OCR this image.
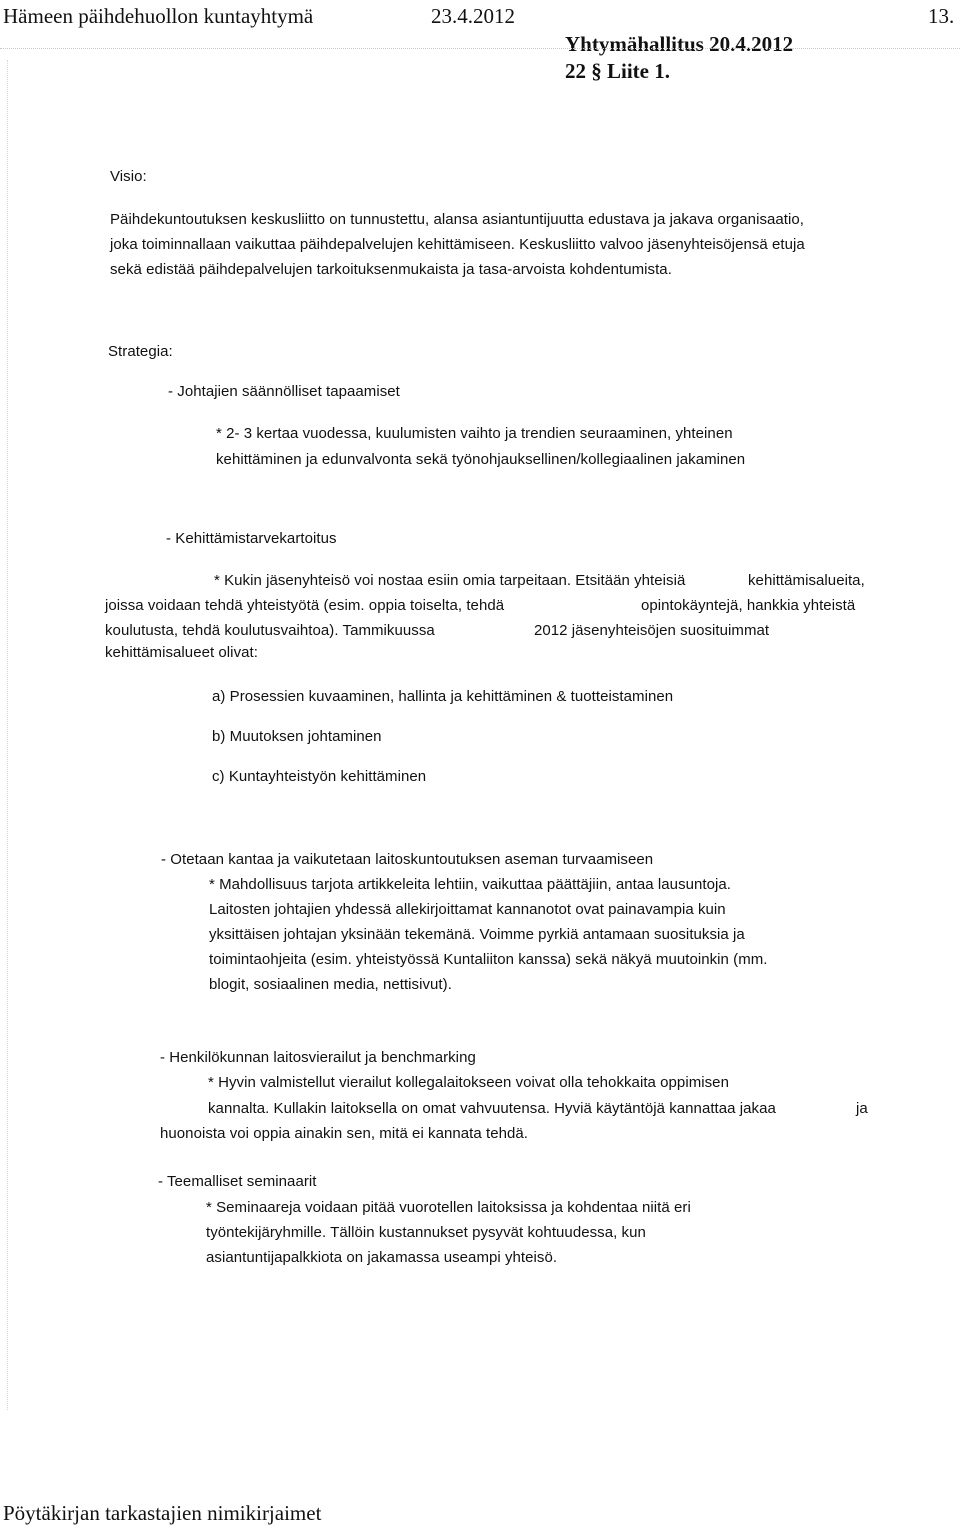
Hämeen päihdehuollon kuntayhtymä	23.4.2012	13.
Yhtymähallitus 20.4.2012
22 § Liite 1.
Visio:
Päihdekuntoutuksen keskusliitto on tunnustettu, alansa asiantuntijuutta edustava ja jakava organisaatio,
joka toiminnallaan vaikuttaa päihdepalvelujen kehittämiseen. Keskusliitto valvoo jäsenyhteisöjensä etuja
sekä edistää päihdepalvelujen tarkoituksenmukaista ja tasa-arvoista kohdentumista.
Strategia:
- Johtajien säännölliset tapaamiset
* 2- 3 kertaa vuodessa, kuulumisten vaihto ja trendien seuraaminen, yhteinen
kehittäminen ja edunvalvonta sekä työnohjauksellinen/kollegiaalinen jakaminen
- Kehittämistarvekartoitus
* Kukin jäsenyhteisö voi nostaa esiin omia tarpeitaan. Etsitään yhteisiä	kehittämisalueita,
joissa voidaan tehdä yhteistyötä (esim. oppia toiselta, tehdä	opintokäyntejä, hankkia yhteistä
koulutusta, tehdä koulutusvaihtoa). Tammikuussa	2012 jäsenyhteisöjen suosituimmat
kehittämisalueet olivat:
a) Prosessien kuvaaminen, hallinta ja kehittäminen & tuotteistaminen
b) Muutoksen johtaminen
c) Kuntayhteistyön kehittäminen
- Otetaan kantaa ja vaikutetaan laitoskuntoutuksen aseman turvaamiseen
* Mahdollisuus tarjota artikkeleita lehtiin, vaikuttaa päättäjiin, antaa lausuntoja.
Laitosten johtajien yhdessä allekirjoittamat kannanotot ovat painavampia kuin
yksittäisen johtajan yksinään tekemänä. Voimme pyrkiä antamaan suosituksia ja
toimintaohjeita (esim. yhteistyössä Kuntaliiton kanssa) sekä näkyä muutoinkin (mm.
blogit, sosiaalinen media, nettisivut).
- Henkilökunnan laitosvierailut ja benchmarking
* Hyvin valmistellut vierailut kollegalaitokseen voivat olla tehokkaita oppimisen
kannalta. Kullakin laitoksella on omat vahvuutensa. Hyviä käytäntöjä kannattaa jakaa	ja
huonoista voi oppia ainakin sen, mitä ei kannata tehdä.
- Teemalliset seminaarit
* Seminaareja voidaan pitää vuorotellen laitoksissa ja kohdentaa niitä eri
työntekijäryhmille. Tällöin kustannukset pysyvät kohtuudessa, kun
asiantuntijapalkkiota on jakamassa useampi yhteisö.
Pöytäkirjan tarkastajien nimikirjaimet
